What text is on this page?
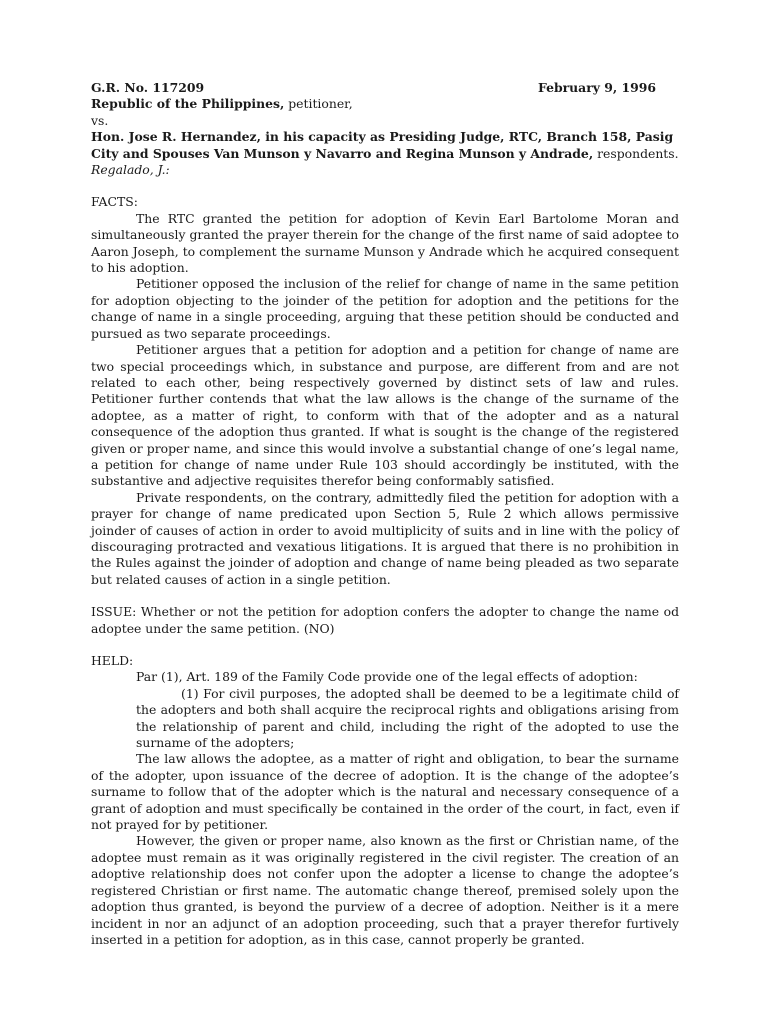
G.R. No. 117209	February 9, 1996
Republic of the Philippines, petitioner,
vs.
Hon. Jose R. Hernandez, in his capacity as Presiding Judge, RTC, Branch 158, Pasig City and Spouses Van Munson y Navarro and Regina Munson y Andrade, respondents.
Regalado, J.:
FACTS:

The RTC granted the petition for adoption of Kevin Earl Bartolome Moran and simultaneously granted the prayer therein for the change of the first name of said adoptee to Aaron Joseph, to complement the surname Munson y Andrade which he acquired consequent to his adoption.

Petitioner opposed the inclusion of the relief for change of name in the same petition for adoption objecting to the joinder of the petition for adoption and the petitions for the change of name in a single proceeding, arguing that these petition should be conducted and pursued as two separate proceedings.

Petitioner argues that a petition for adoption and a petition for change of name are two special proceedings which, in substance and purpose, are different from and are not related to each other, being respectively governed by distinct sets of law and rules. Petitioner further contends that what the law allows is the change of the surname of the adoptee, as a matter of right, to conform with that of the adopter and as a natural consequence of the adoption thus granted. If what is sought is the change of the registered given or proper name, and since this would involve a substantial change of one’s legal name, a petition for change of name under Rule 103 should accordingly be instituted, with the substantive and adjective requisites therefor being conformably satisfied.

Private respondents, on the contrary, admittedly filed the petition for adoption with a prayer for change of name predicated upon Section 5, Rule 2 which allows permissive joinder of causes of action in order to avoid multiplicity of suits and in line with the policy of discouraging protracted and vexatious litigations. It is argued that there is no prohibition in the Rules against the joinder of adoption and change of name being pleaded as two separate but related causes of action in a single petition.

ISSUE: Whether or not the petition for adoption confers the adopter to change the name od adoptee under the same petition. (NO)

HELD:

Par (1), Art. 189 of the Family Code provide one of the legal effects of adoption:

(1) For civil purposes, the adopted shall be deemed to be a legitimate child of the adopters and both shall acquire the reciprocal rights and obligations arising from the relationship of parent and child, including the right of the adopted to use the surname of the adopters;

The law allows the adoptee, as a matter of right and obligation, to bear the surname of the adopter, upon issuance of the decree of adoption. It is the change of the adoptee’s surname to follow that of the adopter which is the natural and necessary consequence of a grant of adoption and must specifically be contained in the order of the court, in fact, even if not prayed for by petitioner.

However, the given or proper name, also known as the first or Christian name, of the adoptee must remain as it was originally registered in the civil register. The creation of an adoptive relationship does not confer upon the adopter a license to change the adoptee’s registered Christian or first name. The automatic change thereof, premised solely upon the adoption thus granted, is beyond the purview of a decree of adoption. Neither is it a mere incident in nor an adjunct of an adoption proceeding, such that a prayer therefor furtively inserted in a petition for adoption, as in this case, cannot properly be granted.
